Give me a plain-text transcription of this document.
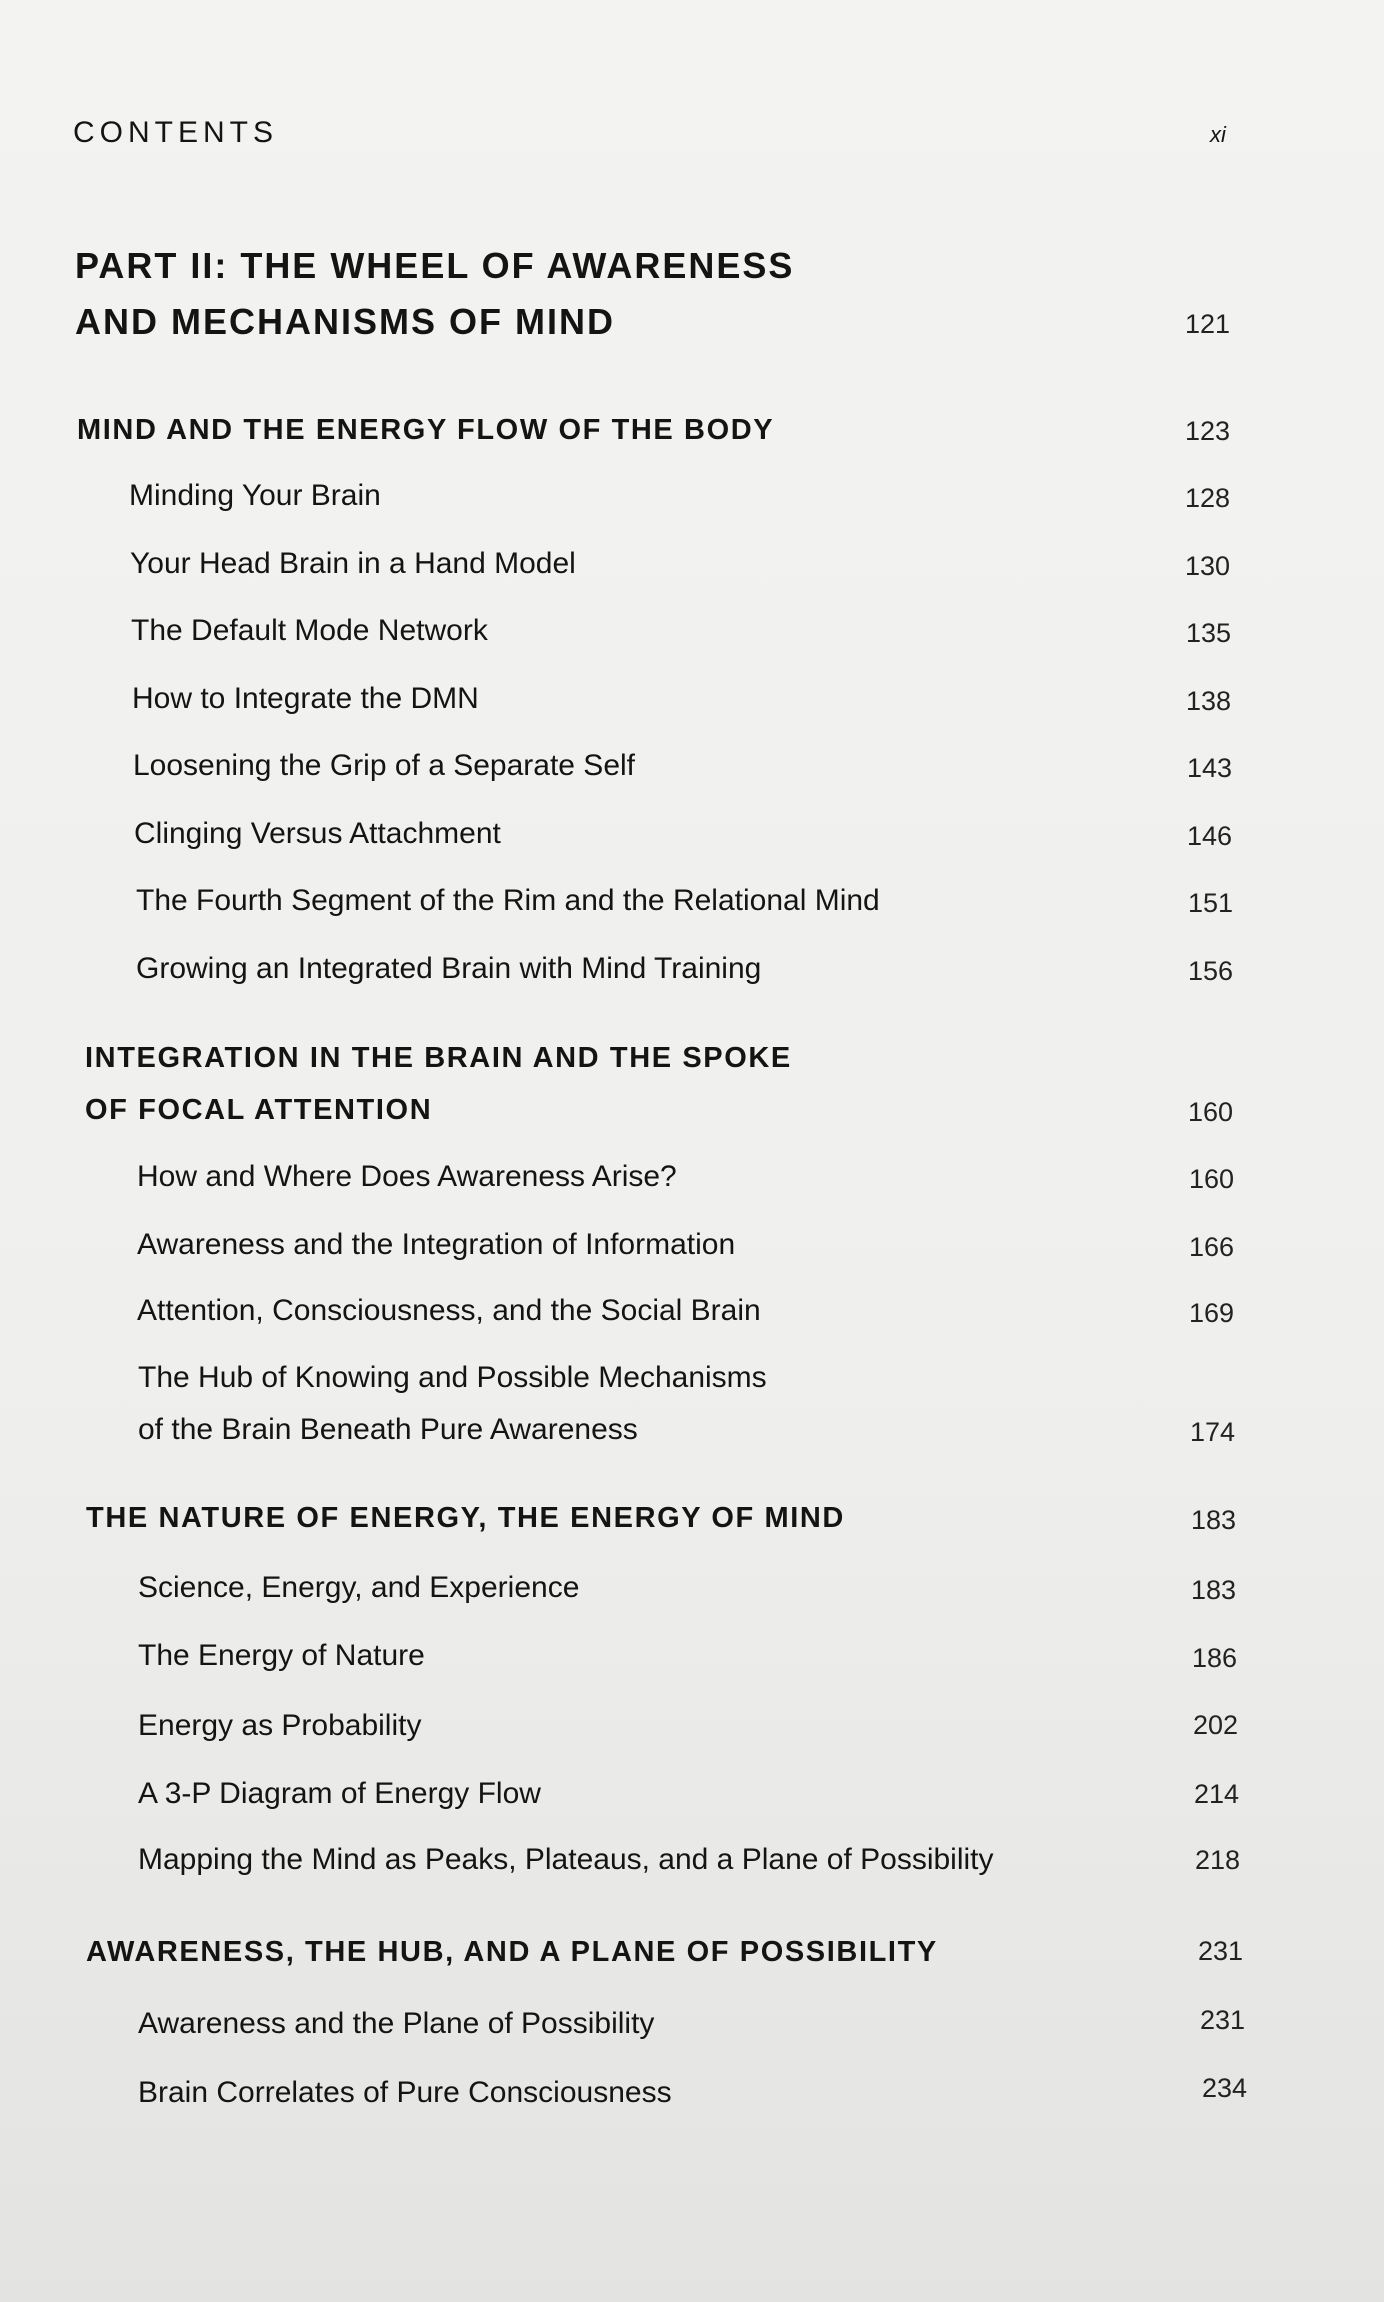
CONTENTS	xi
PART II: THE WHEEL OF AWARENESS
AND MECHANISMS OF MIND	121
MIND AND THE ENERGY FLOW OF THE BODY	123
Minding Your Brain	128
Your Head Brain in a Hand Model	130
The Default Mode Network	135
How to Integrate the DMN	138
Loosening the Grip of a Separate Self	143
Clinging Versus Attachment	146
The Fourth Segment of the Rim and the Relational Mind	151
Growing an Integrated Brain with Mind Training	156
INTEGRATION IN THE BRAIN AND THE SPOKE
OF FOCAL ATTENTION	160
How and Where Does Awareness Arise?	160
Awareness and the Integration of Information	166
Attention, Consciousness, and the Social Brain	169
The Hub of Knowing and Possible Mechanisms
of the Brain Beneath Pure Awareness	174
THE NATURE OF ENERGY, THE ENERGY OF MIND	183
Science, Energy, and Experience	183
The Energy of Nature	186
Energy as Probability	202
A 3-P Diagram of Energy Flow	214
Mapping the Mind as Peaks, Plateaus, and a Plane of Possibility	218
AWARENESS, THE HUB, AND A PLANE OF POSSIBILITY	231
Awareness and the Plane of Possibility	231
Brain Correlates of Pure Consciousness	234
